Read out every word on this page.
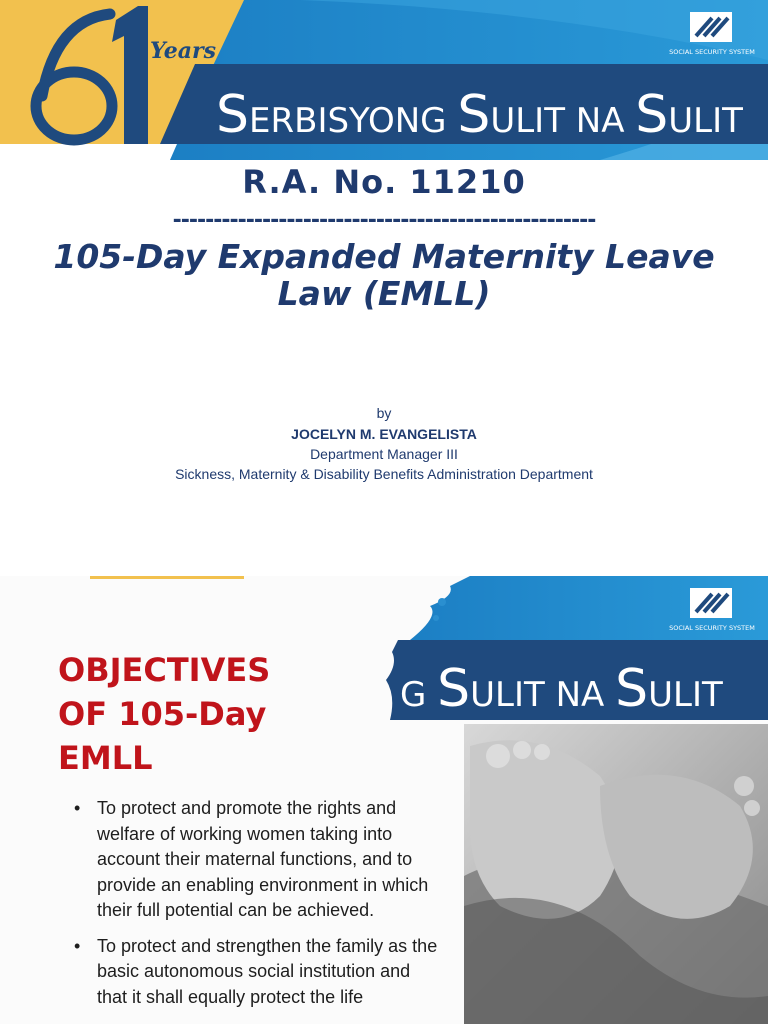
Years
SERBISYONG SULIT NA SULIT
SOCIAL SECURITY SYSTEM
R.A. No. 11210
----------------------------------------------------
105-Day Expanded Maternity Leave Law (EMLL)
by
JOCELYN M. EVANGELISTA
Department Manager III
Sickness, Maternity & Disability Benefits Administration Department
G SULIT NA SULIT
SOCIAL SECURITY SYSTEM
OBJECTIVES OF 105-Day EMLL
• To protect and promote the rights and welfare of working women taking into account their maternal functions, and to provide an enabling environment in which their full potential can be achieved.
• To protect and strengthen the family as the basic autonomous social institution and that it shall equally protect the life
